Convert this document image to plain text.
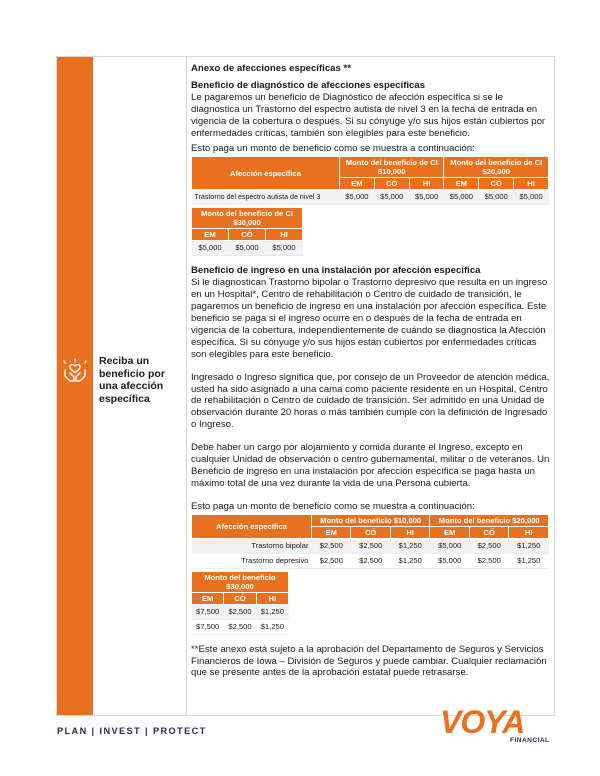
Reciba un beneficio por una afección específica
Anexo de afecciones específicas **

Beneficio de diagnóstico de afecciones específicas

Le pagaremos un beneficio de Diagnóstico de afección específica si se le diagnostica un Trastorno del espectro autista de nivel 3 en la fecha de entrada en vigencia de la cobertura o después. Si su cónyuge y/o sus hijos están cubiertos por enfermedades críticas, también son elegibles para este beneficio.

Esto paga un monto de beneficio como se muestra a continuación:

Afección específica	Monto del beneficio de CI $10,000			Monto del beneficio de CI $20,000		
	EM	CÓ	HI	EM	CÓ	HI
Trastorno del espectro autista de nivel 3	$5,000	$5,000	$5,000	$5,000	$5,000	$5,000
Monto del beneficio de CI $30,000		
EM	CÓ	HI
$5,000	$5,000	$5,000

Beneficio de ingreso en una instalación por afección específica

Si le diagnostican Trastorno bipolar o Trastorno depresivo que resulta en un ingreso en un Hospital*, Centro de rehabilitación o Centro de cuidado de transición, le pagaremos un beneficio de ingreso en una instalación por afección específica. Este beneficio se paga si el ingreso ocurre en o después de la fecha de entrada en vigencia de la cobertura, independientemente de cuándo se diagnostica la Afección específica. Si su cónyuge y/o sus hijos están cubiertos por enfermedades críticas son elegibles para este beneficio.

Ingresado o Ingreso significa que, por consejo de un Proveedor de atención médica, usted ha sido asignado a una cama como paciente residente en un Hospital, Centro de rehabilitación o Centro de cuidado de transición. Ser admitido en una Unidad de observación durante 20 horas o más también cumple con la definición de Ingresado o Ingreso.

Debe haber un cargo por alojamiento y comida durante el Ingreso, excepto en cualquier Unidad de observación o centro gubernamental, militar o de veteranos. Un Beneficio de ingreso en una instalación por afección específica se paga hasta un máximo total de una vez durante la vida de una Persona cubierta.

Esto paga un monto de beneficio como se muestra a continuación:

Afección específica	Monto del beneficio $10,000			Monto del beneficio $20,000		
	EM	CÓ	HI	EM	CÓ	HI
Trastorno bipolar	$2,500	$2,500	$1,250	$5,000	$2,500	$1,250
Trastorno depresivo	$2,500	$2,500	$1,250	$5,000	$2,500	$1,250
Monto del beneficio $30,000		
EM	CÓ	HI
$7,500	$2,500	$1,250
$7,500	$2,500	$1,250

**Este anexo está sujeto a la aprobación del Departamento de Seguros y Servicios Financieros de Iowa – División de Seguros y puede cambiar. Cualquier reclamación que se presente antes de la aprobación estatal puede retrasarse.

PLAN | INVEST | PROTECT	VOYA
FINANCIAL
